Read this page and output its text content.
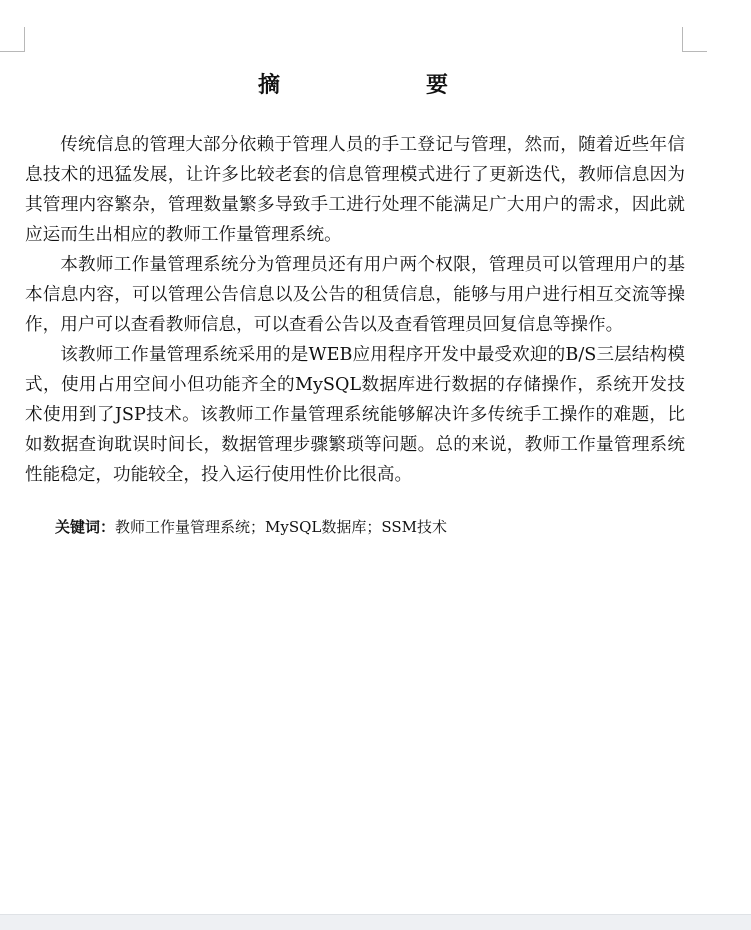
摘　　要

传统信息的管理大部分依赖于管理人员的手工登记与管理，然而，随着近些年信息技术的迅猛发展，让许多比较老套的信息管理模式进行了更新迭代，教师信息因为其管理内容繁杂，管理数量繁多导致手工进行处理不能满足广大用户的需求，因此就应运而生出相应的教师工作量管理系统。

本教师工作量管理系统分为管理员还有用户两个权限，管理员可以管理用户的基本信息内容，可以管理公告信息以及公告的租赁信息，能够与用户进行相互交流等操作，用户可以查看教师信息，可以查看公告以及查看管理员回复信息等操作。

该教师工作量管理系统采用的是WEB应用程序开发中最受欢迎的B/S三层结构模式，使用占用空间小但功能齐全的MySQL数据库进行数据的存储操作，系统开发技术使用到了JSP技术。该教师工作量管理系统能够解决许多传统手工操作的难题，比如数据查询耽误时间长，数据管理步骤繁琐等问题。总的来说，教师工作量管理系统性能稳定，功能较全，投入运行使用性价比很高。

关键词：教师工作量管理系统；MySQL数据库；SSM技术
